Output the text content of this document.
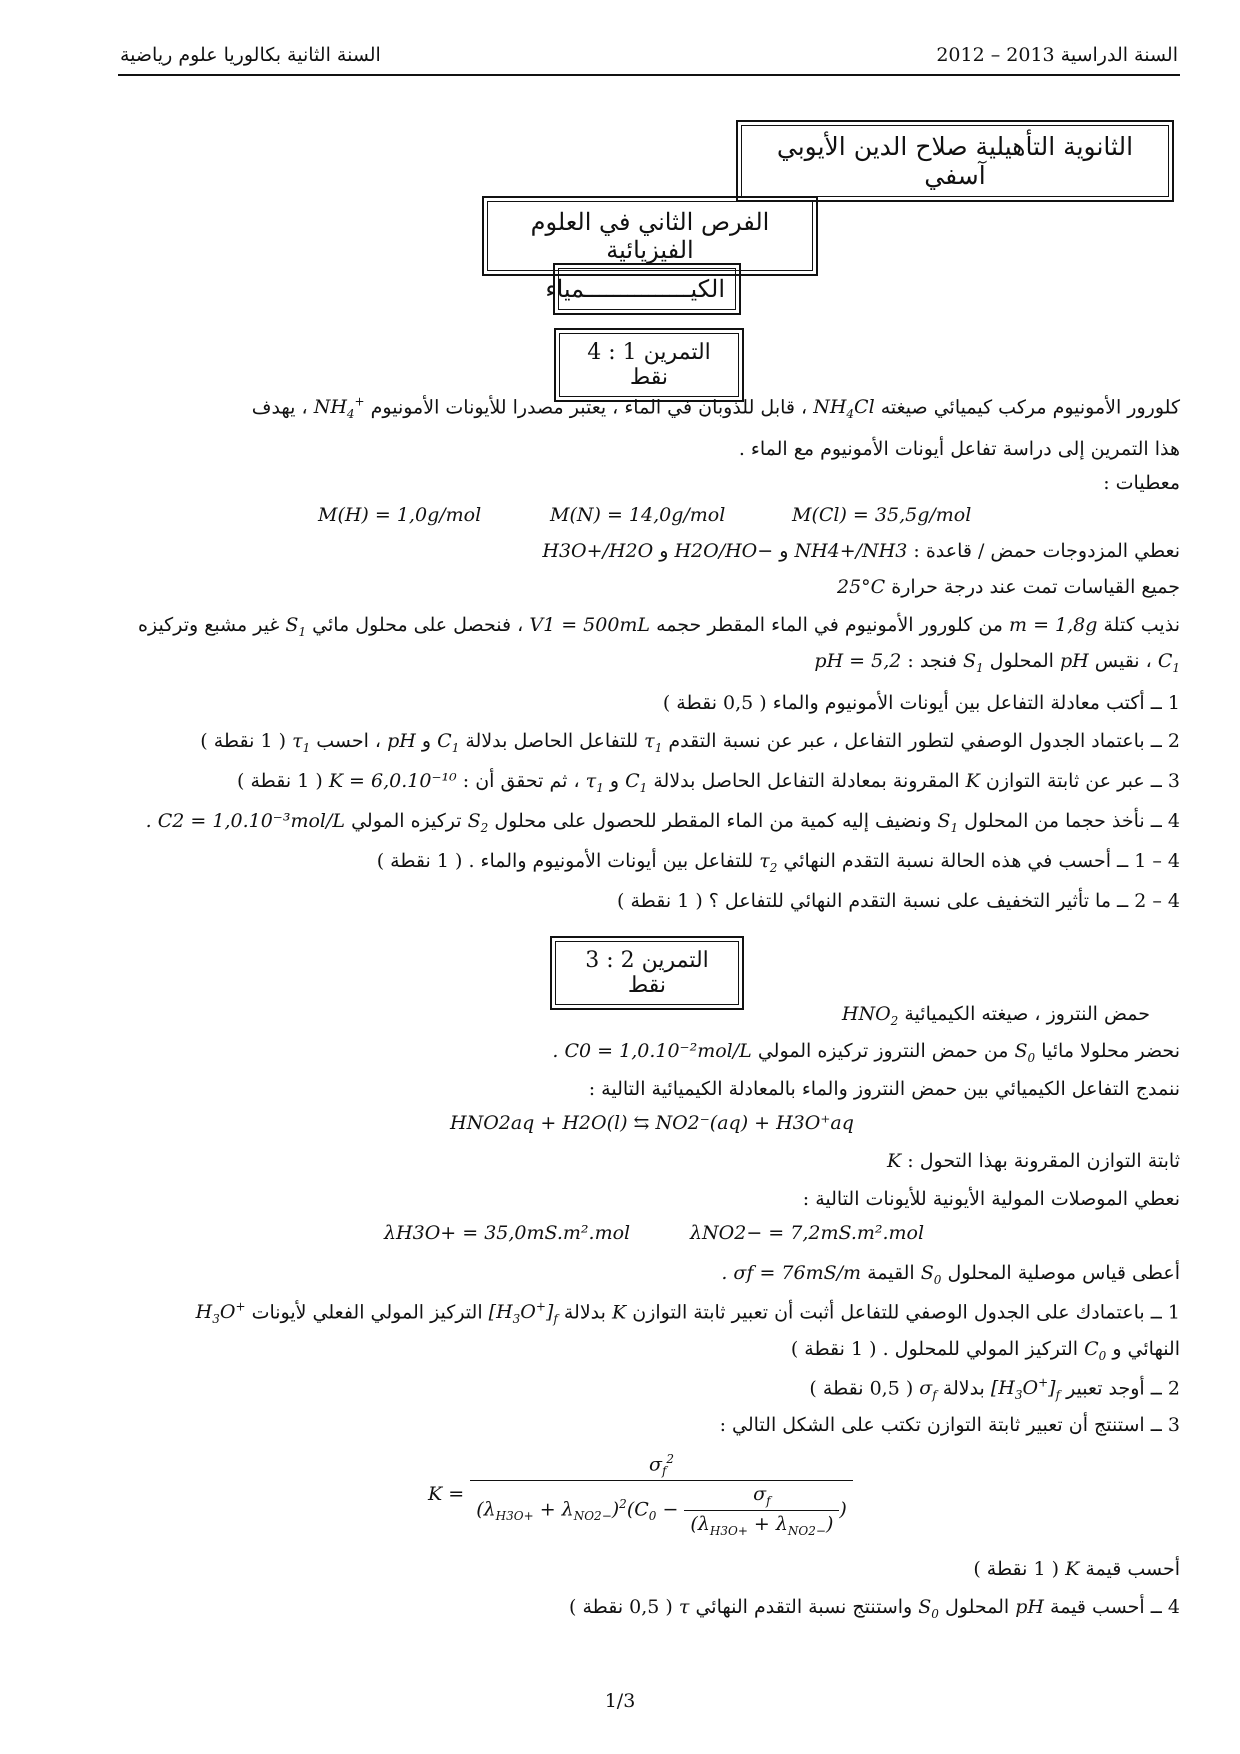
السنة الدراسية 2013 – 2012
السنة الثانية بكالوريا علوم رياضية
الثانوية التأهيلية صلاح الدين الأيوبي آسفي
الفرص الثاني في العلوم الفيزيائية
الكيـــــــــــــــمياء
التمرين 1 : 4 نقط
كلورور الأمونيوم مركب كيميائي صيغته $NH_4Cl$ ، قابل للذوبان في الماء ، يعتبر مصدرا للأيونات الأمونيوم $NH_4^+$ ، يهدف
هذا التمرين إلى دراسة تفاعل أيونات الأمونيوم مع الماء .
معطيات :
M(H) = 1,0g/mol	M(N) = 14,0g/mol	M(Cl) = 35,5g/mol
نعطي المزدوجات حمض / قاعدة : NH4+/NH3 و H2O/HO− و H3O+/H2O
جميع القياسات تمت عند درجة حرارة 25°C
نذيب كتلة m = 1,8g من كلورور الأمونيوم في الماء المقطر حجمه V1 = 500mL ، فنحصل على محلول مائي $S_1$ غير مشبع وتركيزه
$C_1$ ، نقيس pH المحلول $S_1$ فنجد : pH = 5,2
1 ــ أكتب معادلة التفاعل بين أيونات الأمونيوم والماء ( 0,5 نقطة )
2 ــ باعتماد الجدول الوصفي لتطور التفاعل ، عبر عن نسبة التقدم $\tau_1$ للتفاعل الحاصل بدلالة $C_1$ و pH ، احسب $\tau_1$ ( 1 نقطة )
3 ــ عبر عن ثابتة التوازن K المقرونة بمعادلة التفاعل الحاصل بدلالة $C_1$ و $\tau_1$ ، ثم تحقق أن : K = 6,0.10⁻¹⁰ ( 1 نقطة )
4 ــ نأخذ حجما من المحلول $S_1$ ونضيف إليه كمية من الماء المقطر للحصول على محلول $S_2$ تركيزه المولي C2 = 1,0.10⁻³mol/L .
4 – 1 ــ أحسب في هذه الحالة نسبة التقدم النهائي $\tau_2$ للتفاعل بين أيونات الأمونيوم والماء . ( 1 نقطة )
4 – 2 ــ ما تأثير التخفيف على نسبة التقدم النهائي للتفاعل ؟ ( 1 نقطة )
التمرين 2 : 3 نقط
حمض النتروز ، صيغته الكيميائية $HNO_2$
نحضر محلولا مائيا $S_0$ من حمض النتروز تركيزه المولي C0 = 1,0.10⁻²mol/L .
ننمدج التفاعل الكيميائي بين حمض النتروز والماء بالمعادلة الكيميائية التالية :
HNO2aq + H2O(l) ⇆ NO2⁻(aq) + H3O⁺aq
ثابتة التوازن المقرونة بهذا التحول : K
نعطي الموصلات المولية الأيونية للأيونات التالية :
λH3O+ = 35,0mS.m².mol	λNO2− = 7,2mS.m².mol
أعطى قياس موصلية المحلول $S_0$ القيمة σf = 76mS/m .
1 ــ باعتمادك على الجدول الوصفي للتفاعل أثبت أن تعبير ثابتة التوازن K بدلالة $[H_3O^+]_f$ التركيز المولي الفعلي لأيونات $H_3O^+$
النهائي و $C_0$ التركيز المولي للمحلول . ( 1 نقطة )
2 ــ أوجد تعبير $[H_3O^+]_f$ بدلالة $\sigma_f$ ( 0,5 نقطة )
3 ــ استنتج أن تعبير ثابتة التوازن تكتب على الشكل التالي :
$K = \frac{\sigma_f^2}{(\lambda_{H3O+} + \lambda_{NO2-})^2(C_0 - \frac{\sigma_f}{(\lambda_{H3O+} + \lambda_{NO2-})} )}$
أحسب قيمة K ( 1 نقطة )
4 ــ أحسب قيمة pH المحلول $S_0$ واستنتج نسبة التقدم النهائي τ ( 0,5 نقطة )
1/3
